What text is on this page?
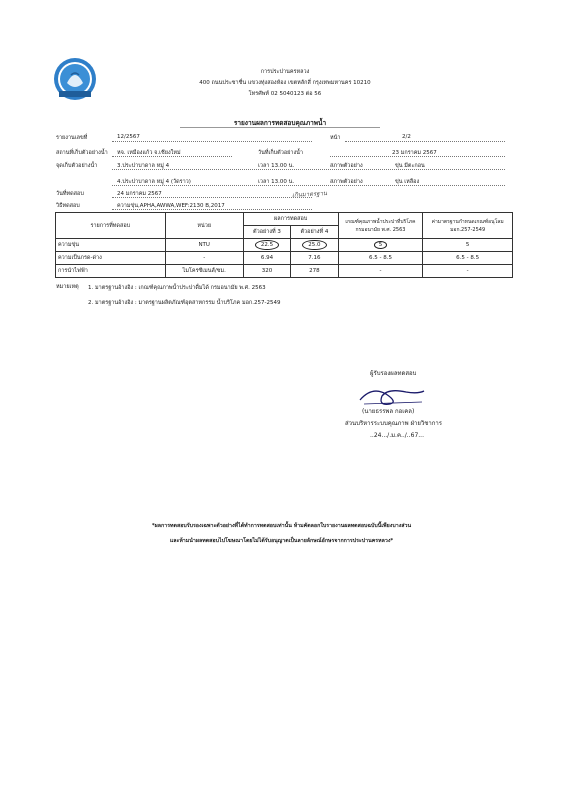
การประปานครหลวง
400 ถนนประชาชื่น แขวงทุ่งสองห้อง เขตหลักสี่ กรุงเทพมหานคร 10210
โทรศัพท์ 02 5040123 ต่อ 56
รายงานผลการทดสอบคุณภาพน้ำ
รายงานเลขที่	12/2567	หน้า	2/2
สถานที่เก็บตัวอย่างน้ำ หจ. เหมืองแก้ว จ.เชียงใหม่	วันที่เก็บตัวอย่างน้ำ	23 มกราคม 2567
จุดเก็บตัวอย่างน้ำ	3.ประปาบาดาล หมู่ 4	เวลา 13.00 น.	สภาพตัวอย่าง	ขุ่น มีตะกอน
4.ประปาบาดาล หมู่ 4 (วัดราว)	เวลา 13.00 น.	สภาพตัวอย่าง	ขุ่น เหลือง
วันที่ทดสอบ	24 มกราคม 2567
วิธีทดสอบ	ความขุ่น,APHA,AWWA,WEF:2130 B,2017
เกินมาตรฐาน
รายการที่ทดสอบ	หน่วย	ผลการทดสอบ		เกณฑ์คุณภาพน้ำประปาที่บริโภค กรมอนามัย พ.ศ. 2563	ค่ามาตรฐานกำหนดเกณฑ์อนุโลม มอก.257-2549
		ตัวอย่างที่ 3	ตัวอย่างที่ 4		
ความขุ่น	NTU	22.5	25.0	5	5
ความเป็นกรด-ด่าง	-	6.94	7.16	6.5 - 8.5	6.5 - 8.5
การนำไฟฟ้า	ไมโครซีเมนส์/ซม.	320	278	-	-
หมายเหตุ 1. มาตรฐานอ้างอิง : เกณฑ์คุณภาพน้ำประปาดื่มได้ กรมอนามัย พ.ศ. 2563
2. มาตรฐานอ้างอิง : มาตรฐานผลิตภัณฑ์อุตสาหกรรม น้ำบริโภค มอก.257-2549
ผู้รับรองผลทดสอบ
(นายธรรพล กอเคล)
ส่วนบริหารระบบคุณภาพ ฝ่ายวิชาการ
..24.../.ม.ค../..67...
*ผลการทดสอบรับรองเฉพาะตัวอย่างที่ได้ทำการทดสอบเท่านั้น ห้ามคัดลอกใบรายงานผลทดสอบฉบับนี้เพียงบางส่วน
และห้ามนำผลทดสอบไปโฆษณาโดยไม่ได้รับอนุญาตเป็นลายลักษณ์อักษรจากการประปานครหลวง*
